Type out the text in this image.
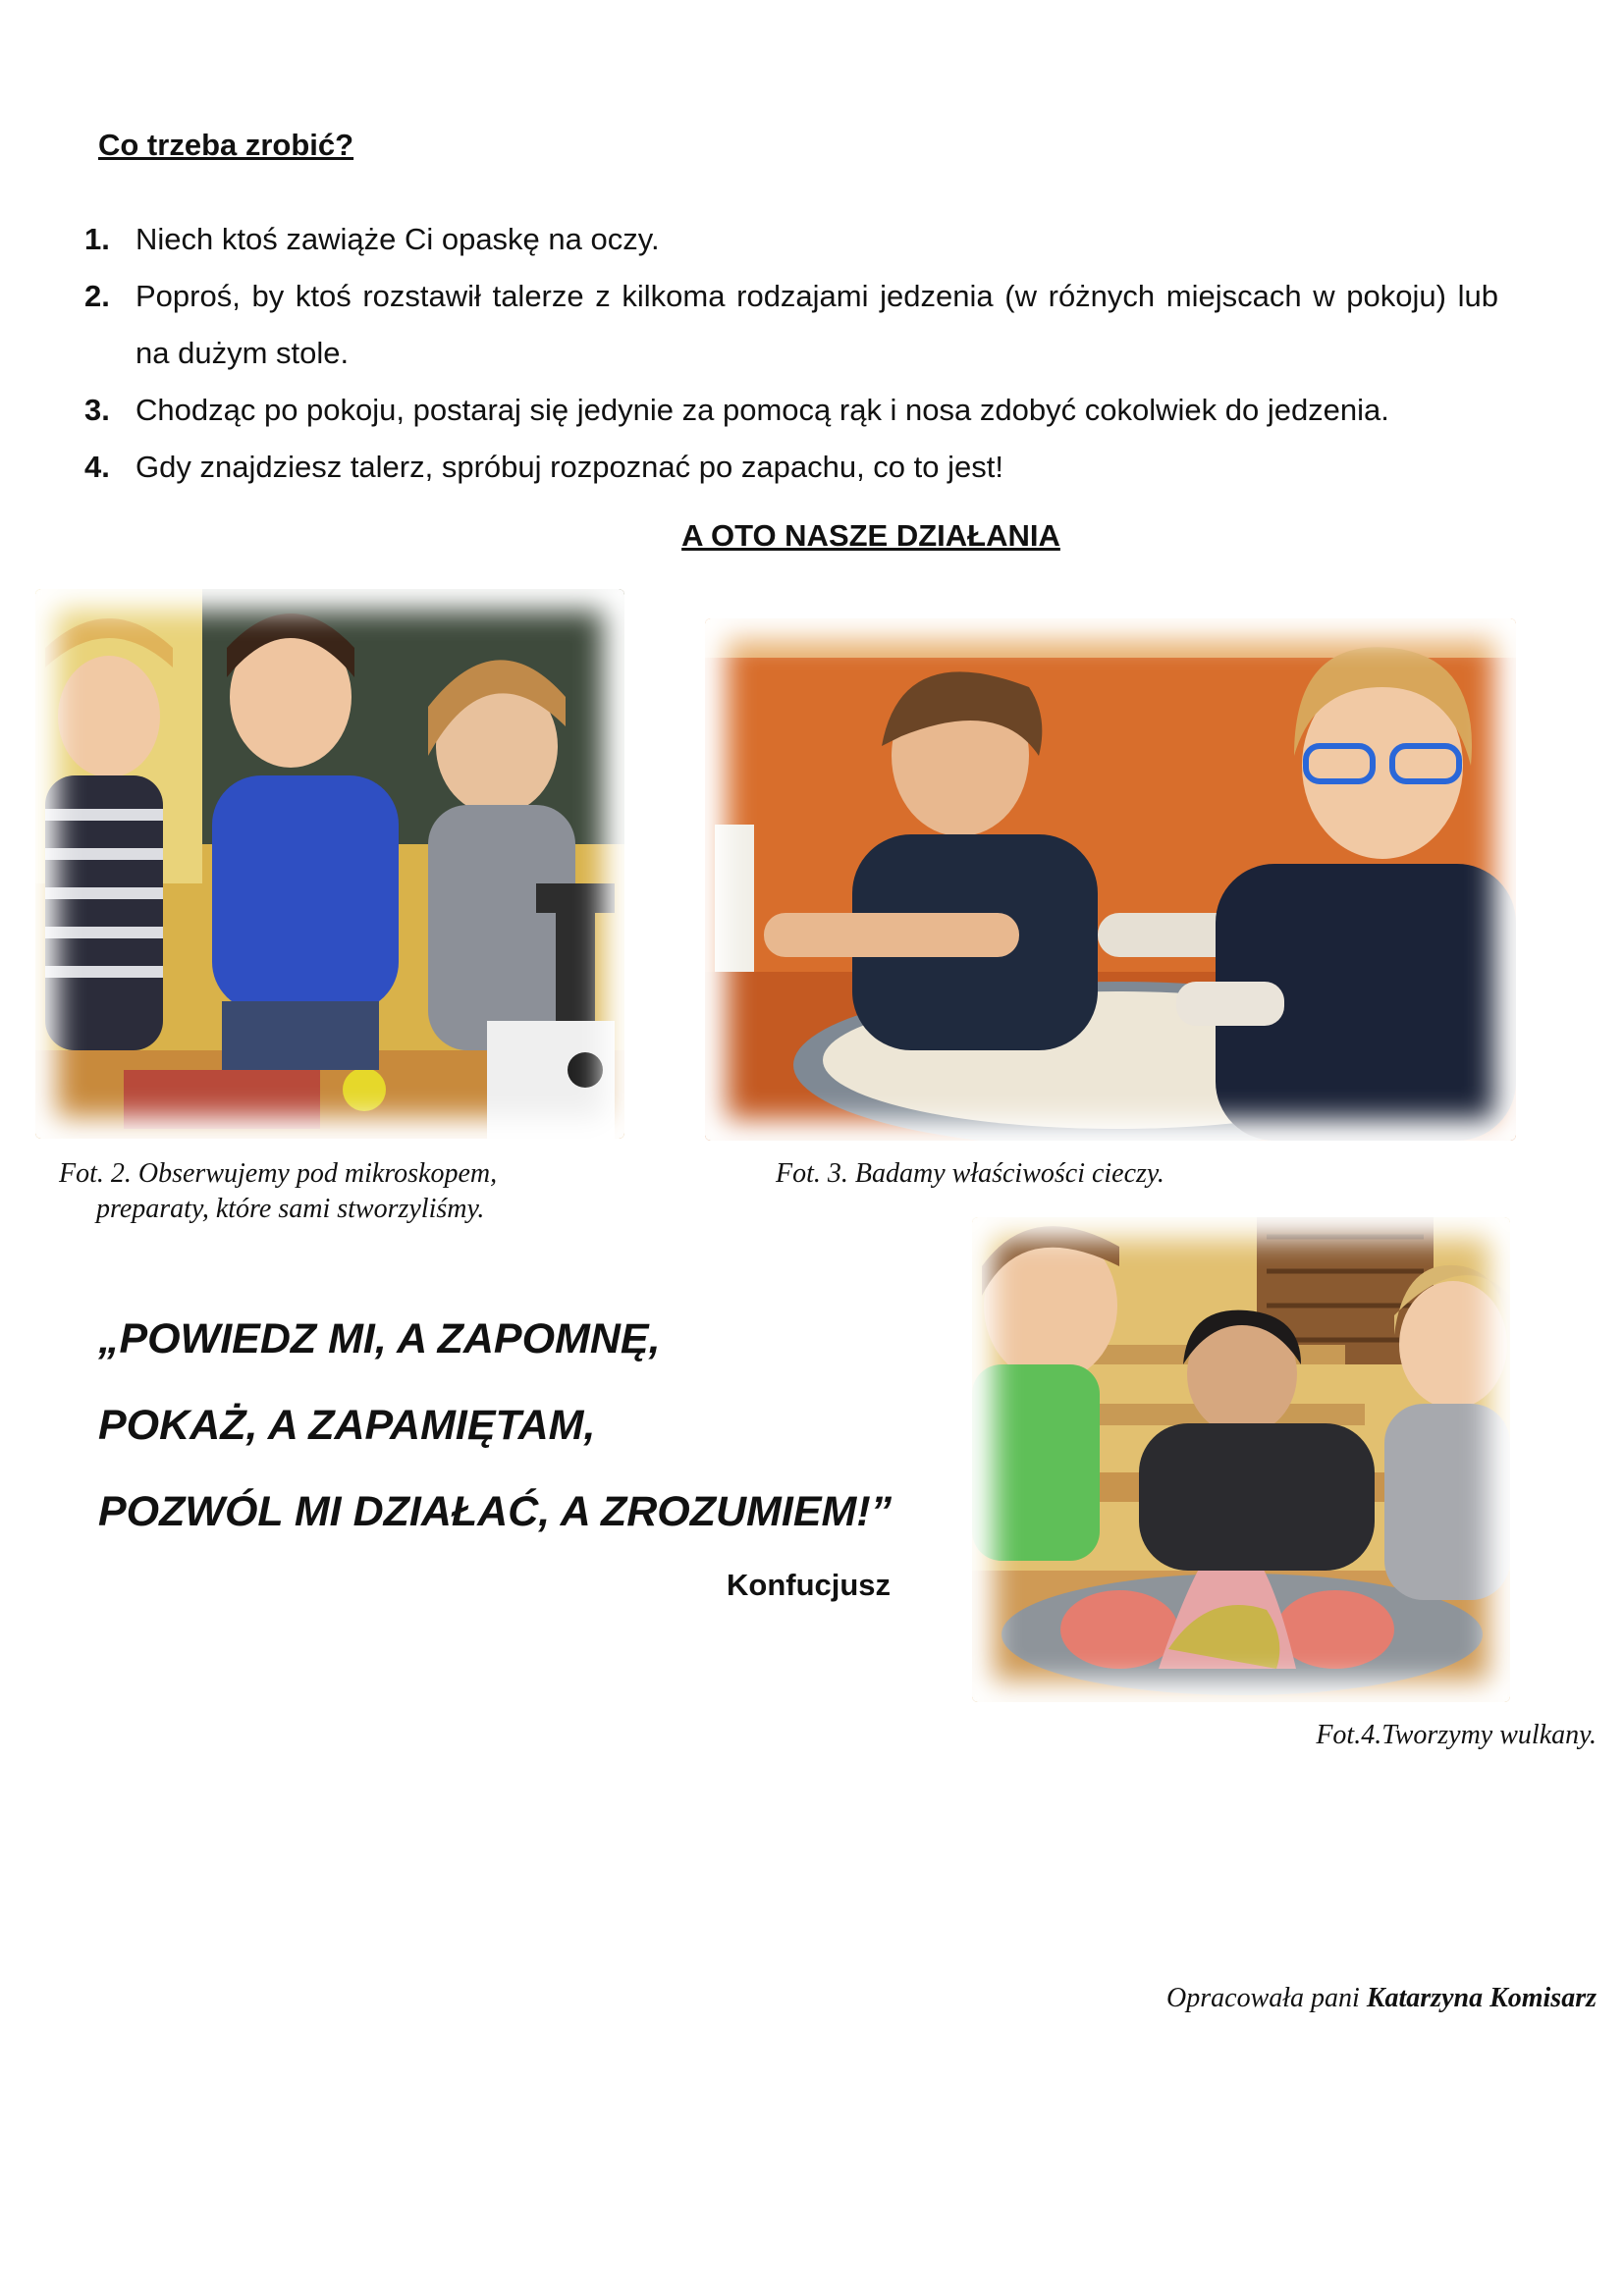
Co trzeba zrobić?
1. Niech ktoś zawiąże Ci opaskę na oczy.
2. Poproś, by ktoś rozstawił talerze z kilkoma rodzajami jedzenia (w różnych miejscach w pokoju) lub na dużym stole.
3. Chodząc po pokoju, postaraj się jedynie za pomocą rąk i nosa zdobyć cokolwiek do jedzenia.
4. Gdy znajdziesz talerz, spróbuj rozpoznać po zapachu, co to jest!
A OTO NASZE DZIAŁANIA
Fot. 2. Obserwujemy pod mikroskopem,
preparaty, które sami stworzyliśmy.
Fot. 3. Badamy właściwości cieczy.
„POWIEDZ MI, A ZAPOMNĘ,
POKAŻ, A ZAPAMIĘTAM,
POZWÓL MI DZIAŁAĆ, A ZROZUMIEM!”
Konfucjusz
Fot.4.Tworzymy wulkany.
Opracowała pani Katarzyna Komisarz
